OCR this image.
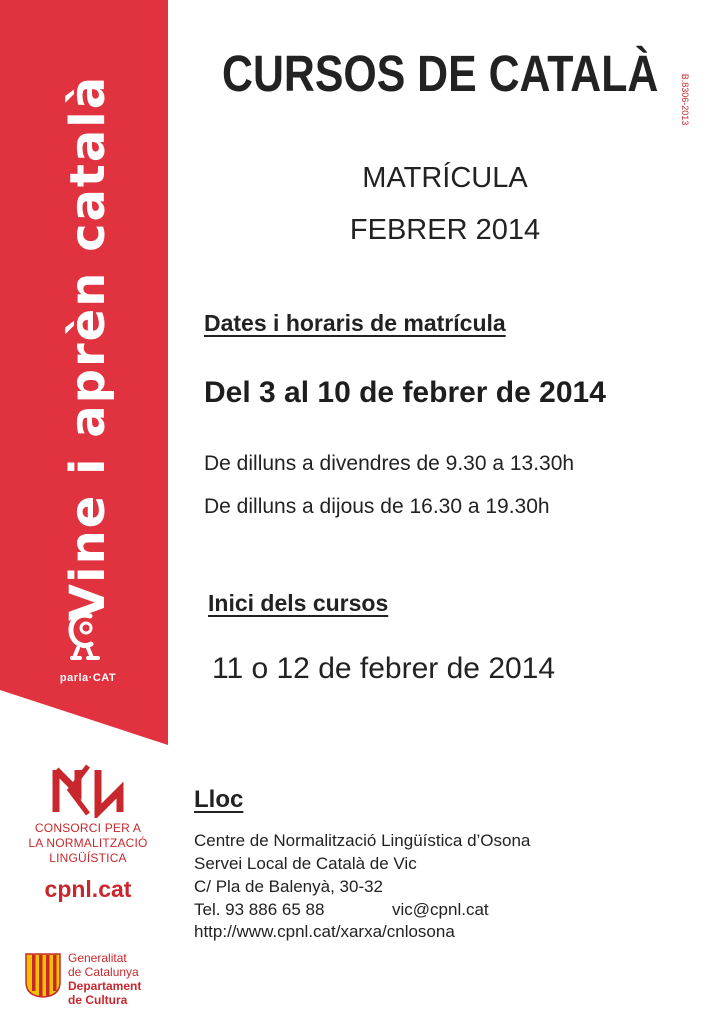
Vine i aprèn català
parla·CAT
CURSOS DE CATALÀ B.8306-2013
MATRÍCULA
FEBRER 2014
Dates i horaris de matrícula
Del 3 al 10 de febrer de 2014
De dilluns a divendres de 9.30 a 13.30h
De dilluns a dijous de 16.30 a 19.30h
Inici dels cursos
11 o 12 de febrer de 2014
Lloc
Centre de Normalització Lingüística d’Osona
Servei Local de Català de Vic
C/ Pla de Balenyà, 30-32
Tel. 93 886 65 88	vic@cpnl.cat
http://www.cpnl.cat/xarxa/cnlosona
CONSORCI PER A
LA NORMALITZACIÓ
LINGÜÍSTICA
cpnl.cat
Generalitat
de Catalunya
Departament
de Cultura
